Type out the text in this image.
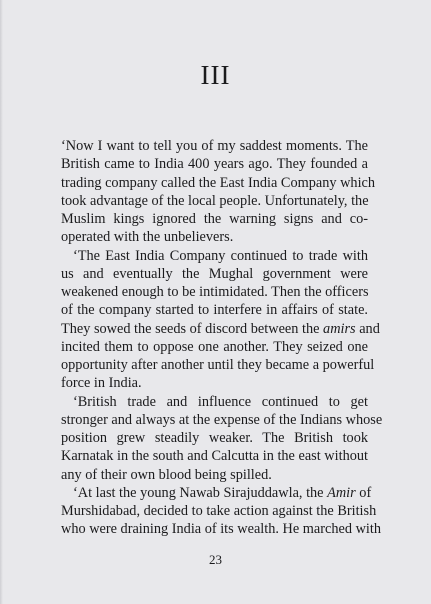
III
‘Now I want to tell you of my saddest moments. The
British came to India 400 years ago. They founded a
trading company called the East India Company which
took advantage of the local people. Unfortunately, the
Muslim kings ignored the warning signs and co-
operated with the unbelievers.
‘The East India Company continued to trade with
us and eventually the Mughal government were
weakened enough to be intimidated. Then the officers
of the company started to interfere in affairs of state.
They sowed the seeds of discord between the amirs and
incited them to oppose one another. They seized one
opportunity after another until they became a powerful
force in India.
‘British trade and influence continued to get
stronger and always at the expense of the Indians whose
position grew steadily weaker. The British took
Karnatak in the south and Calcutta in the east without
any of their own blood being spilled.
‘At last the young Nawab Sirajuddawla, the Amir of
Murshidabad, decided to take action against the British
who were draining India of its wealth. He marched with
23
